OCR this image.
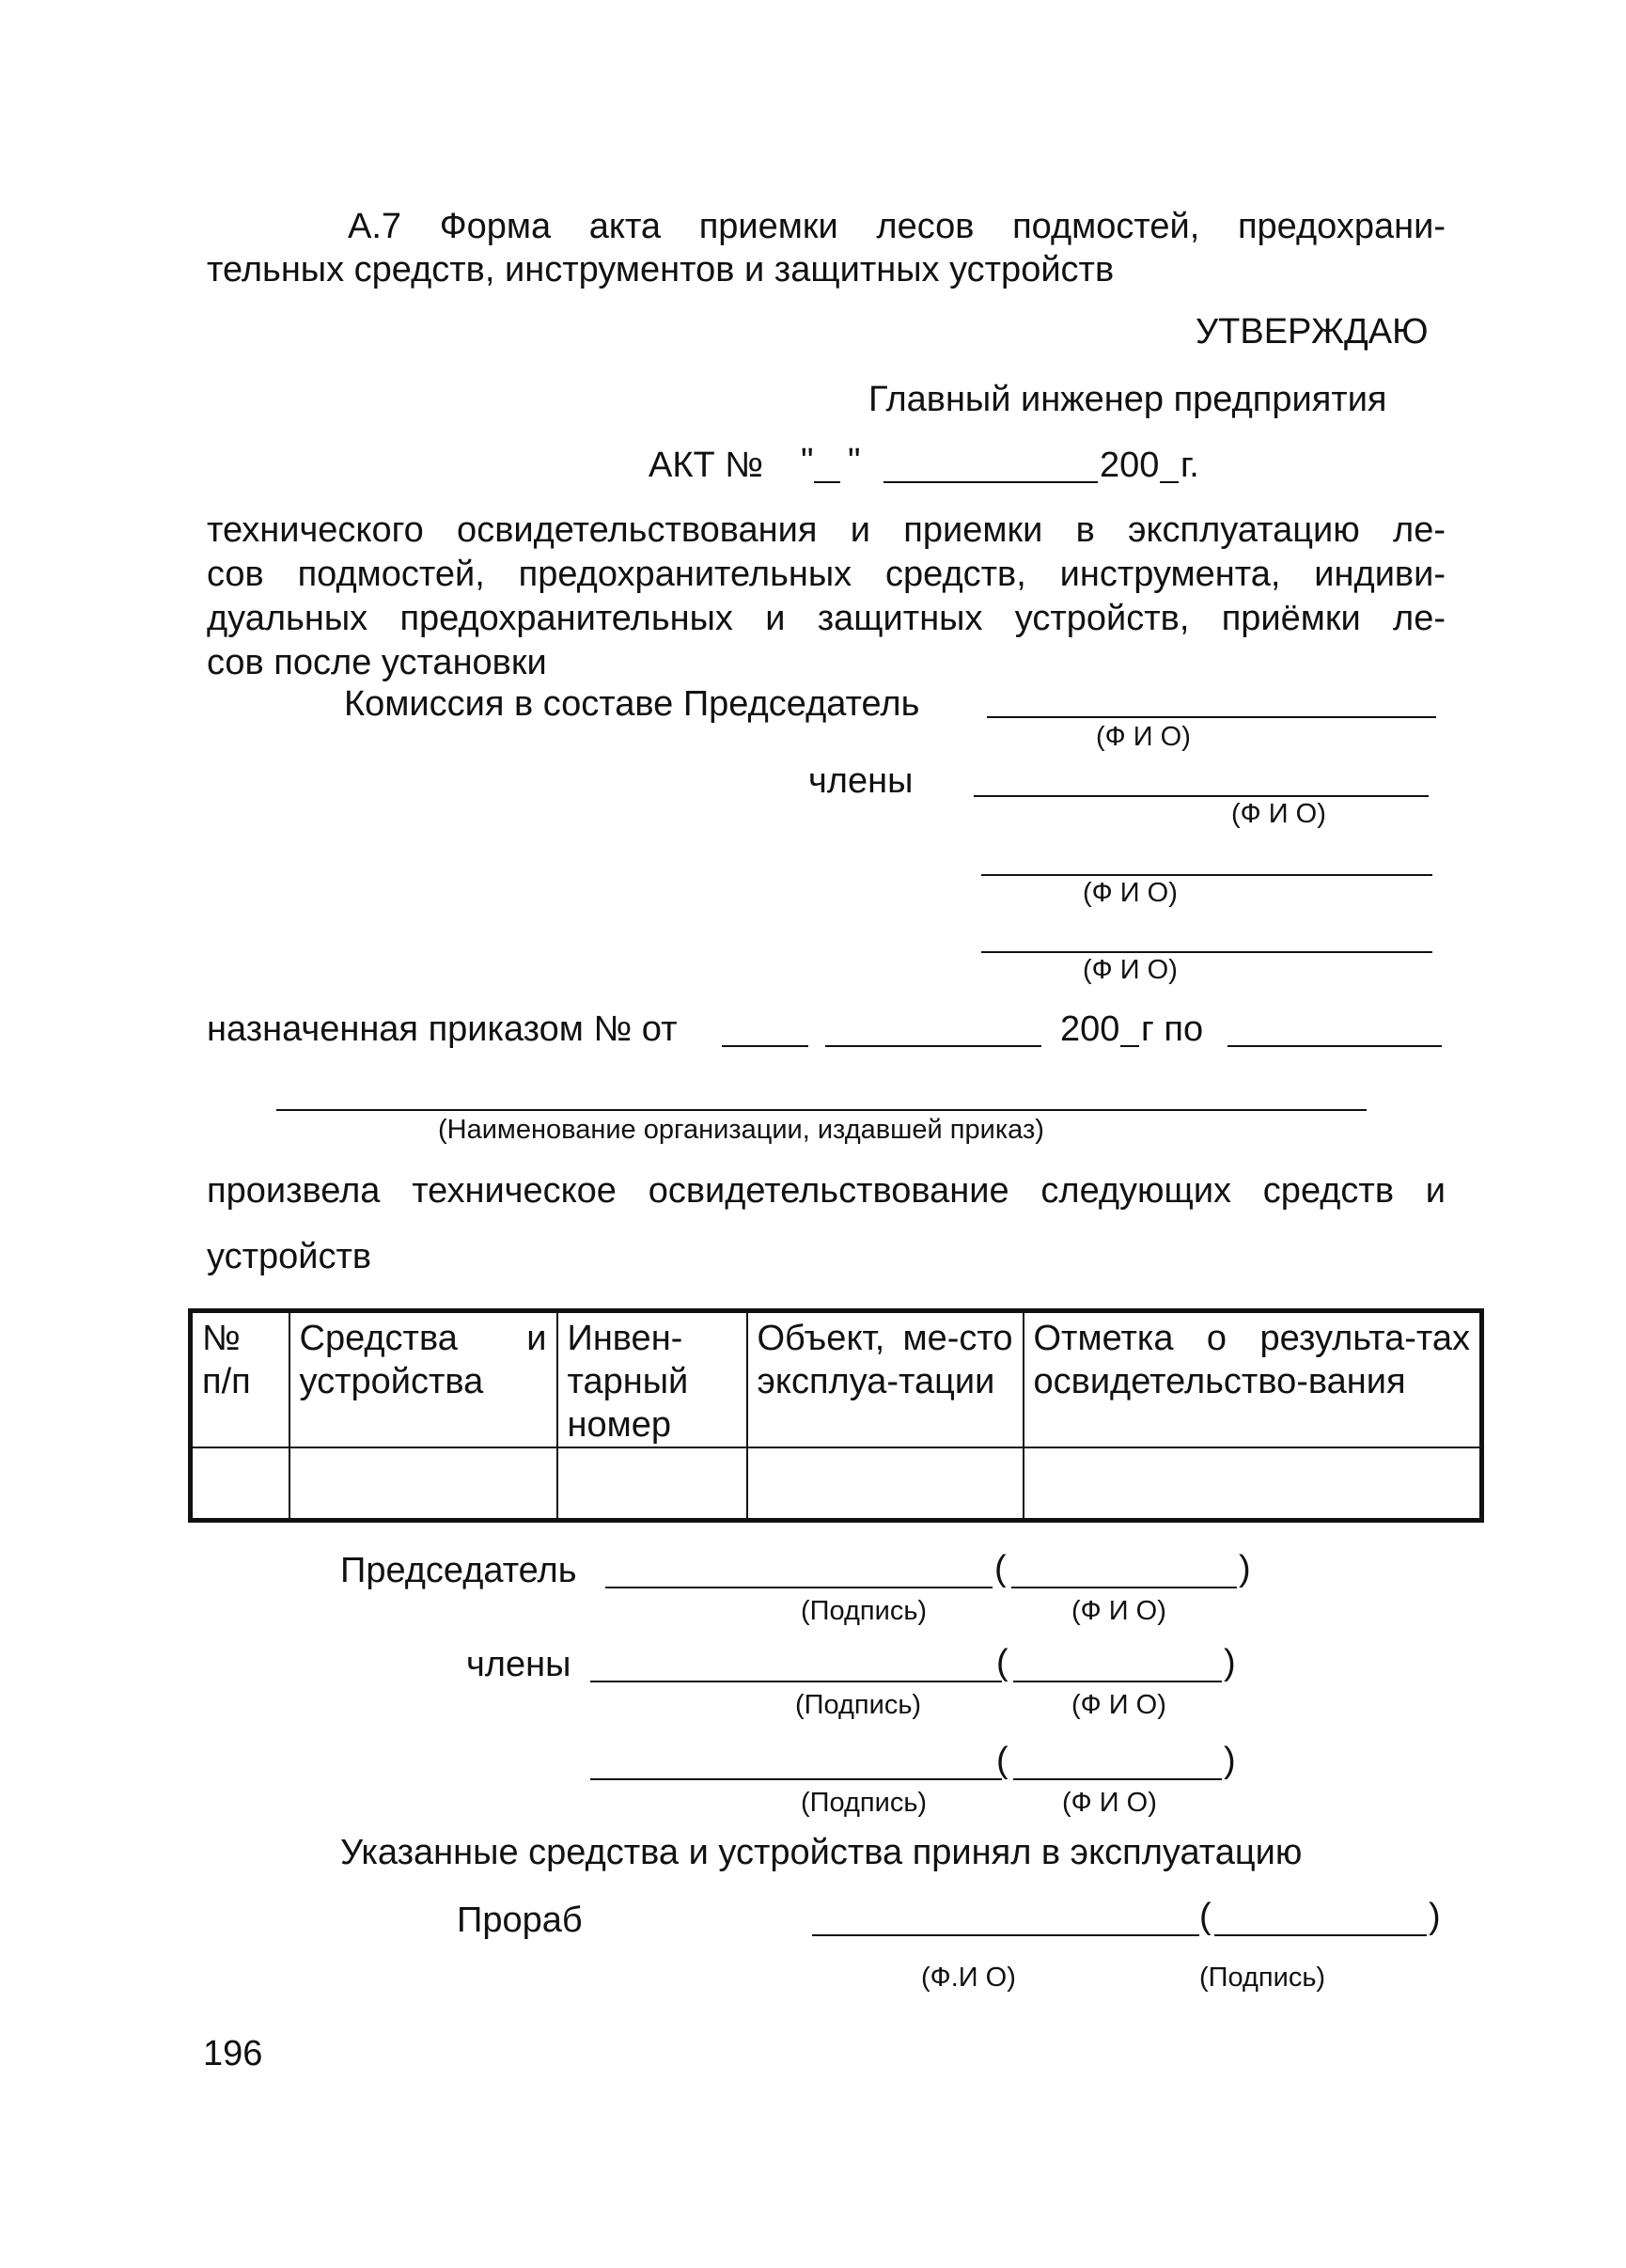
А.7 Форма акта приемки лесов подмостей, предохрани-
тельных средств, инструментов и защитных устройств
УТВЕРЖДАЮ
Главный инженер предприятия
АКТ № " "	200 г.
технического освидетельствования и приемки в эксплуатацию ле-
сов подмостей, предохранительных средств, инструмента, индиви-
дуальных предохранительных и защитных устройств, приёмки ле-
сов после установки
Комиссия в составе Председатель
(Ф И О)
члены
(Ф И О)
(Ф И О)
(Ф И О)
назначенная приказом № от	200 г по
(Наименование организации, издавшей приказ)
произвела техническое освидетельствование следующих средств и
устройств
№ п/п	Средства и устройства	Инвен-тарный номер	Объект, ме-сто эксплуа-тации	Отметка о результа-тах освидетельство-вания

Председатель	(	)
(Подпись)	(Ф И О)
члены	(	)
(Подпись)	(Ф И О)
(	)
(Подпись)	(Ф И О)
Указанные средства и устройства принял в эксплуатацию
Прораб	(	)
(Ф.И О)	(Подпись)
196
